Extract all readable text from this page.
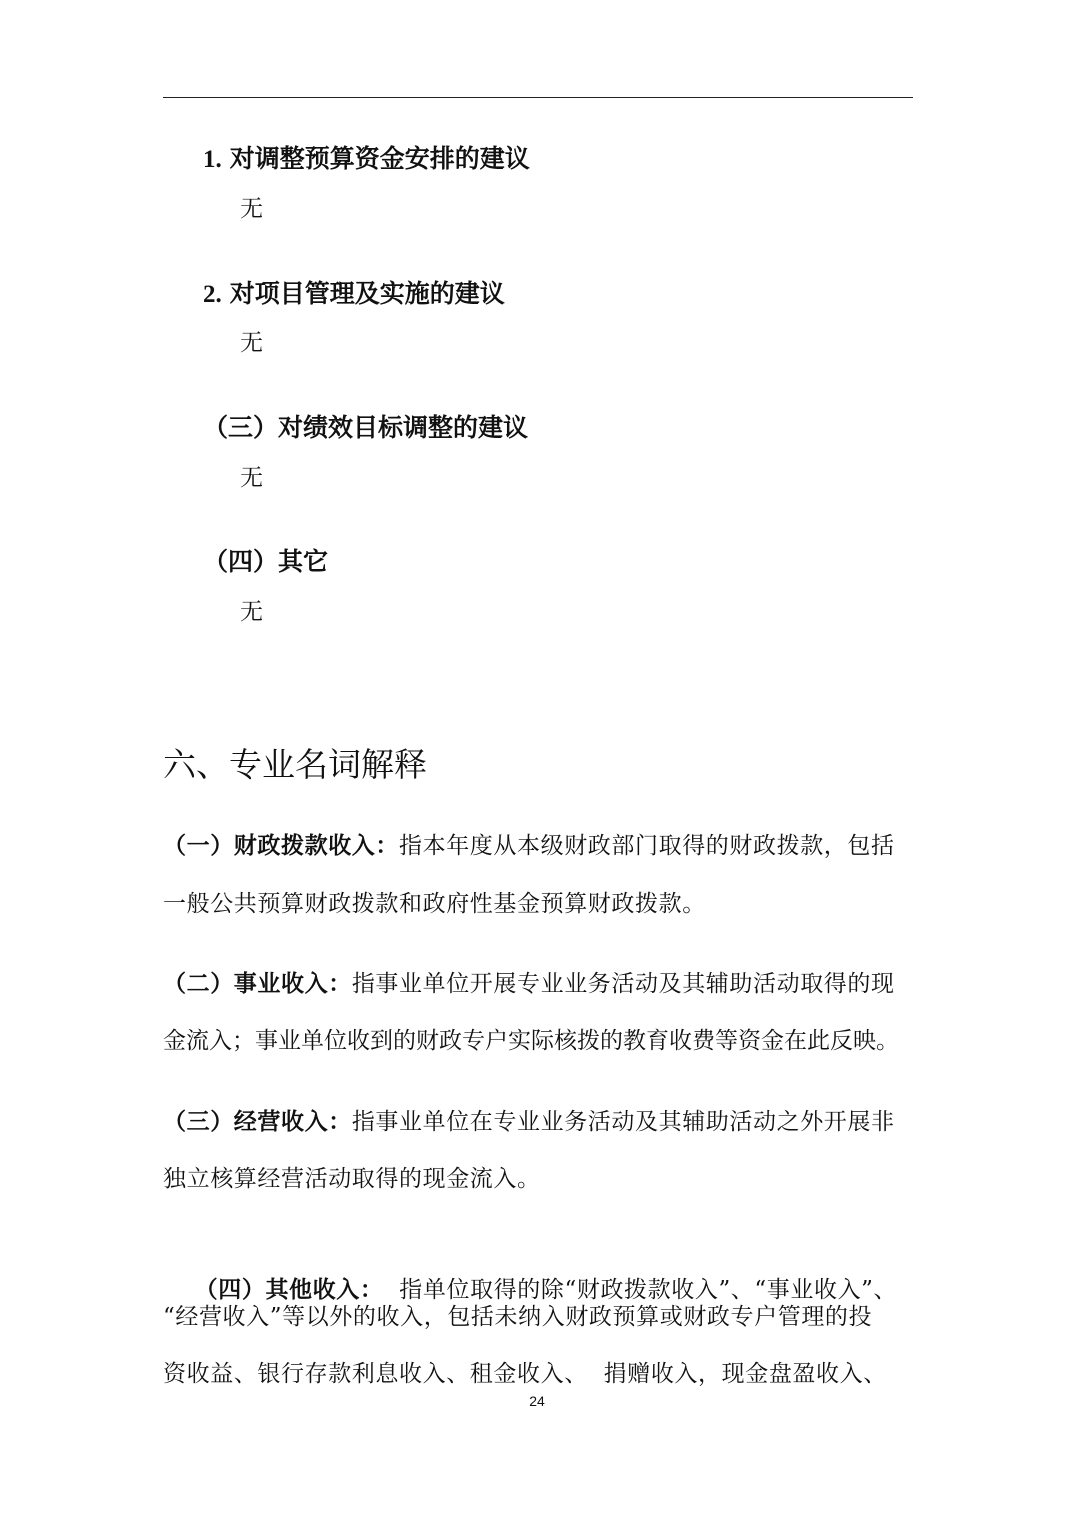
1. 对调整预算资金安排的建议
无
2. 对项目管理及实施的建议
无
（三）对绩效目标调整的建议
无
（四）其它
无
六、专业名词解释
（一）财政拨款收入：指本年度从本级财政部门取得的财政拨款，包括
一般公共预算财政拨款和政府性基金预算财政拨款。
（二）事业收入：指事业单位开展专业业务活动及其辅助活动取得的现
金流入；事业单位收到的财政专户实际核拨的教育收费等资金在此反映。
（三）经营收入：指事业单位在专业业务活动及其辅助活动之外开展非
独立核算经营活动取得的现金流入。

（四）其他收入：  指单位取得的除“财政拨款收入”、“事业收入”、

“经营收入”等以外的收入，包括未纳入财政预算或财政专户管理的投
资收益、银行存款利息收入、租金收入、  捐赠收入，现金盘盈收入、
24
